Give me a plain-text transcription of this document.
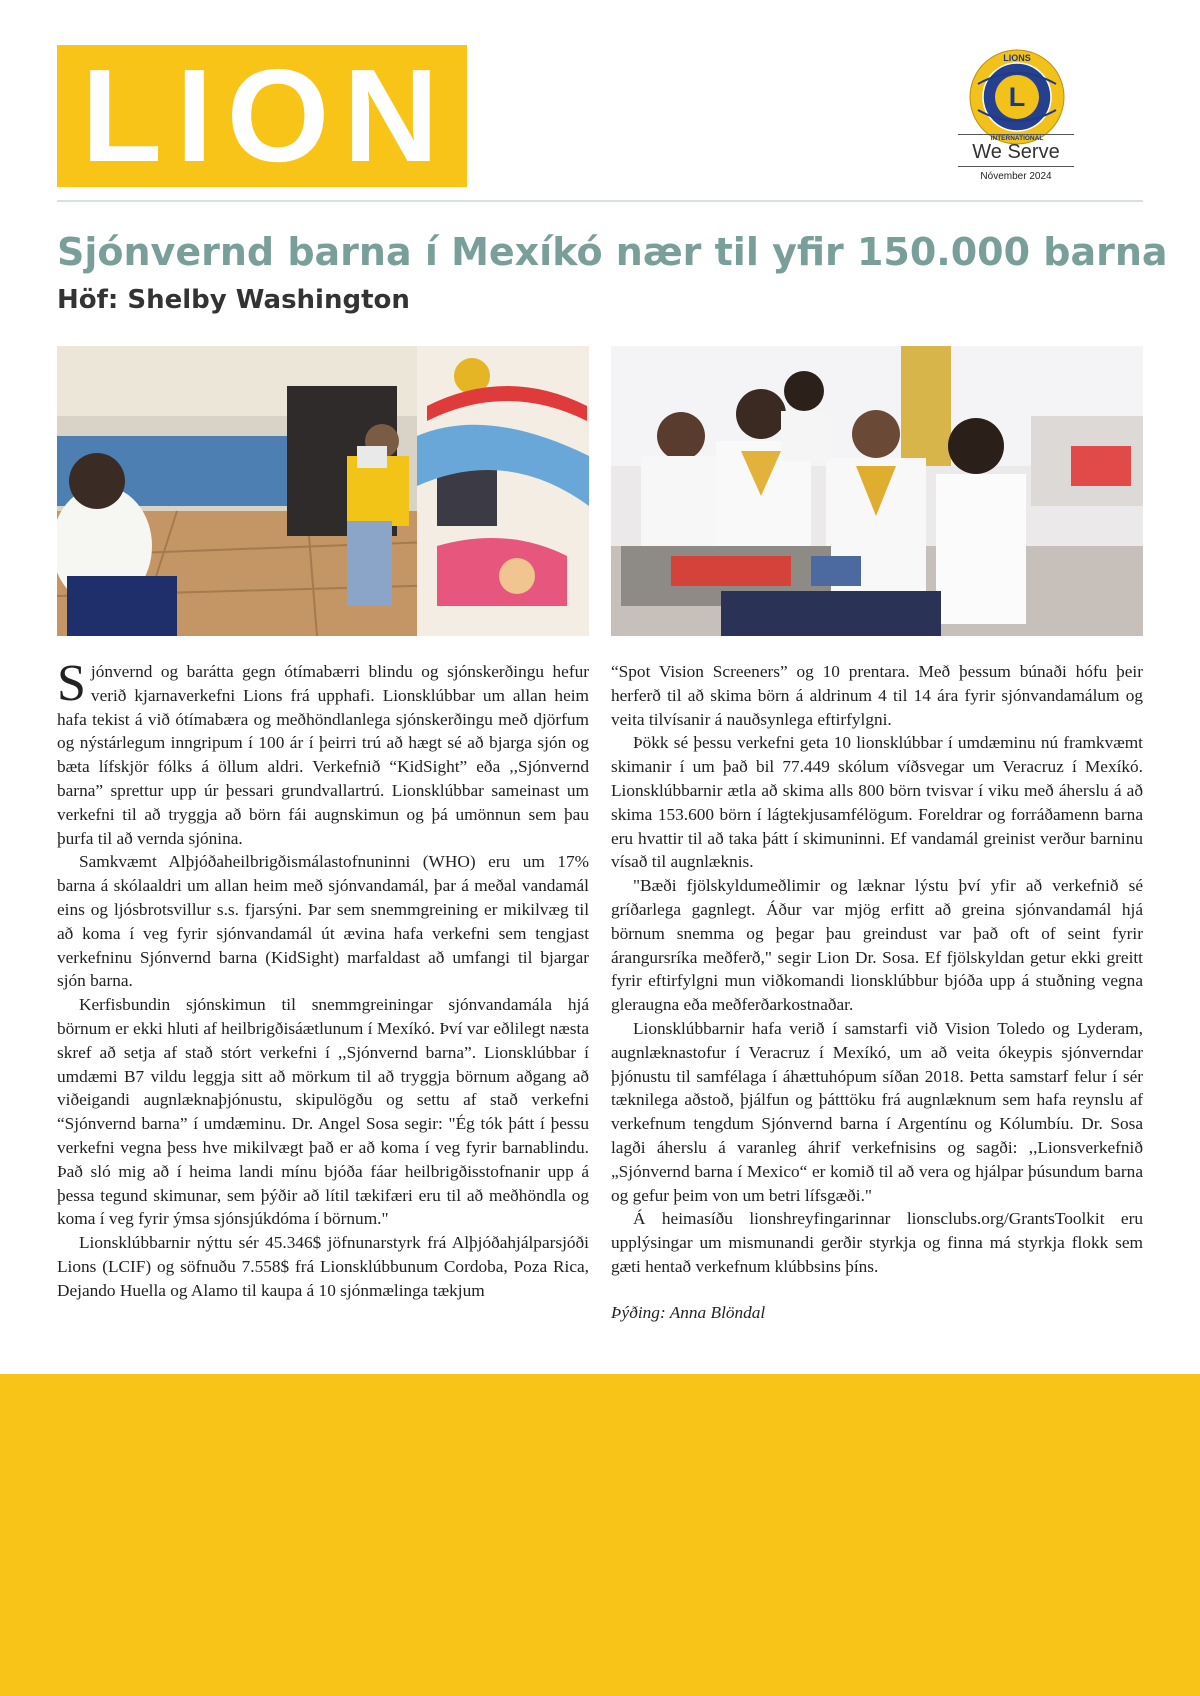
LION	L
LIONS
INTERNATIONAL
We Serve
Nóvember 2024
Sjónvernd barna í Mexíkó nær til yfir 150.000 barna
Höf: Shelby Washington

Sjónvernd og barátta gegn ótímabærri blindu og sjónskerðingu hefur verið kjarnaverkefni Lions frá upphafi. Lionsklúbbar um allan heim hafa tekist á við ótímabæra og meðhöndlanlega sjónskerðingu með djörfum og nýstárlegum inngripum í 100 ár í þeirri trú að hægt sé að bjarga sjón og bæta lífskjör fólks á öllum aldri. Verkefnið “KidSight” eða ,,Sjónvernd barna” sprettur upp úr þessari grundvallartrú. Lionsklúbbar sameinast um verkefni til að tryggja að börn fái augnskimun og þá umönnun sem þau þurfa til að vernda sjónina.

Samkvæmt Alþjóðaheilbrigðismálastofnuninni (WHO) eru um 17% barna á skólaaldri um allan heim með sjónvandamál, þar á meðal vandamál eins og ljósbrotsvillur s.s. fjarsýni. Þar sem snemmgreining er mikilvæg til að koma í veg fyrir sjónvandamál út ævina hafa verkefni sem tengjast verkefninu Sjónvernd barna (KidSight) marfaldast að umfangi til bjargar sjón barna.

Kerfisbundin sjónskimun til snemmgreiningar sjónvandamála hjá börnum er ekki hluti af heilbrigðisáætlunum í Mexíkó. Því var eðlilegt næsta skref að setja af stað stórt verkefni í ,,Sjónvernd barna”. Lionsklúbbar í umdæmi B7 vildu leggja sitt að mörkum til að tryggja börnum aðgang að viðeigandi augnlæknaþjónustu, skipulögðu og settu af stað verkefni “Sjónvernd barna” í umdæminu. Dr. Angel Sosa segir: "Ég tók þátt í þessu verkefni vegna þess hve mikilvægt það er að koma í veg fyrir barnablindu. Það sló mig að í heima landi mínu bjóða fáar heilbrigðisstofnanir upp á þessa tegund skimunar, sem þýðir að lítil tækifæri eru til að meðhöndla og koma í veg fyrir ýmsa sjónsjúkdóma í börnum."

Lionsklúbbarnir nýttu sér 45.346$ jöfnunarstyrk frá Alþjóðahjálparsjóði Lions (LCIF) og söfnuðu 7.558$ frá Lionsklúbbunum Cordoba, Poza Rica, Dejando Huella og Alamo til kaupa á 10 sjónmælinga tækjum

“Spot Vision Screeners” og 10 prentara. Með þessum búnaði hófu þeir herferð til að skima börn á aldrinum 4 til 14 ára fyrir sjónvandamálum og veita tilvísanir á nauðsynlega eftirfylgni.

Þökk sé þessu verkefni geta 10 lionsklúbbar í umdæminu nú framkvæmt skimanir í um það bil 77.449 skólum víðsvegar um Veracruz í Mexíkó. Lionsklúbbarnir ætla að skima alls 800 börn tvisvar í viku með áherslu á að skima 153.600 börn í lágtekjusamfélögum. Foreldrar og forráðamenn barna eru hvattir til að taka þátt í skimuninni. Ef vandamál greinist verður barninu vísað til augnlæknis.

"Bæði fjölskyldumeðlimir og læknar lýstu því yfir að verkefnið sé gríðarlega gagnlegt. Áður var mjög erfitt að greina sjónvandamál hjá börnum snemma og þegar þau greindust var það oft of seint fyrir árangursríka meðferð," segir Lion Dr. Sosa. Ef fjölskyldan getur ekki greitt fyrir eftirfylgni mun viðkomandi lionsklúbbur bjóða upp á stuðning vegna gleraugna eða meðferðarkostnaðar.

Lionsklúbbarnir hafa verið í samstarfi við Vision Toledo og Lyderam, augnlæknastofur í Veracruz í Mexíkó, um að veita ókeypis sjónverndar þjónustu til samfélaga í áhættuhópum síðan 2018. Þetta samstarf felur í sér tæknilega aðstoð, þjálfun og þátttöku frá augnlæknum sem hafa reynslu af verkefnum tengdum Sjónvernd barna í Argentínu og Kólumbíu. Dr. Sosa lagði áherslu á varanleg áhrif verkefnisins og sagði: ,,Lionsverkefnið „Sjónvernd barna í Mexico“ er komið til að vera og hjálpar þúsundum barna og gefur þeim von um betri lífsgæði."

Á heimasíðu lionshreyfingarinnar lionsclubs.org/GrantsToolkit eru upplýsingar um mismunandi gerðir styrkja og finna má styrkja flokk sem gæti hentað verkefnum klúbbsins þíns.

Þýðing: Anna Blöndal
